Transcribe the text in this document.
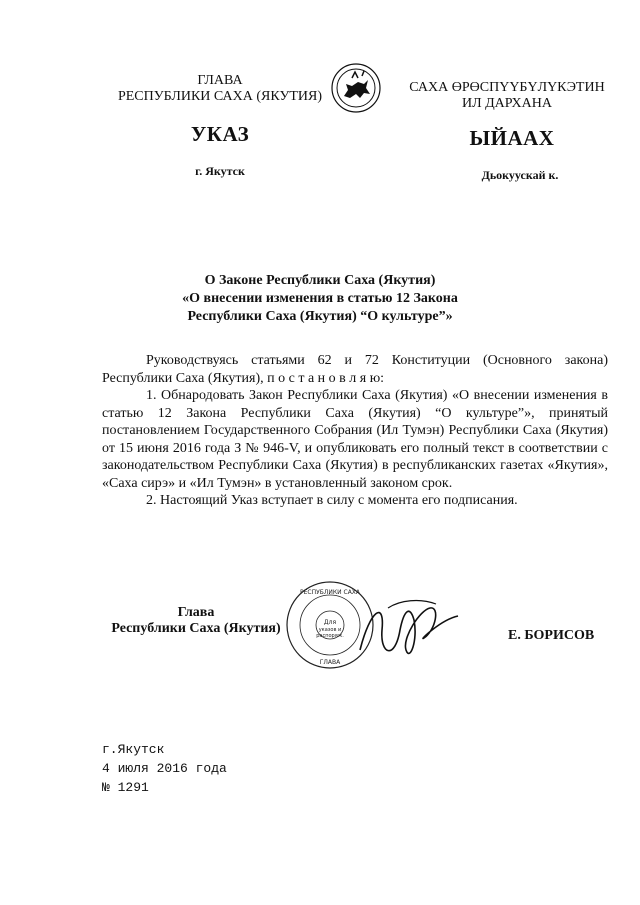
ГЛАВА
РЕСПУБЛИКИ САХА (ЯКУТИЯ)
САХА ӨРӨСПҮҮБҮЛҮКЭТИН
ИЛ ДАРХАНА
УКАЗ	ЫЙААХ
г. Якутск	Дьокуускай к.
О Законе Республики Саха (Якутия)
«О внесении изменения в статью 12 Закона
Республики Саха (Якутия) “О культуре”»

Руководствуясь статьями 62 и 72 Конституции (Основного закона) Республики Саха (Якутия), п о с т а н о в л я ю:

1. Обнародовать Закон Республики Саха (Якутия) «О внесении изменения в статью 12 Закона Республики Саха (Якутия) “О культуре”», принятый постановлением Государственного Собрания (Ил Тумэн) Республики Саха (Якутия) от 15 июня 2016 года З № 946-V, и опубликовать его полный текст в соответствии с законодательством Республики Саха (Якутия) в республиканских газетах «Якутия», «Саха сирэ» и «Ил Тумэн» в установленный законом срок.

2. Настоящий Указ вступает в силу с момента его подписания.

Глава
Республики Саха (Якутия)	Для
указов и
распоряж.
РЕСПУБЛИКИ САХА
ГЛАВА
Е. БОРИСОВ
г.Якутск
4 июля 2016 года
№ 1291
